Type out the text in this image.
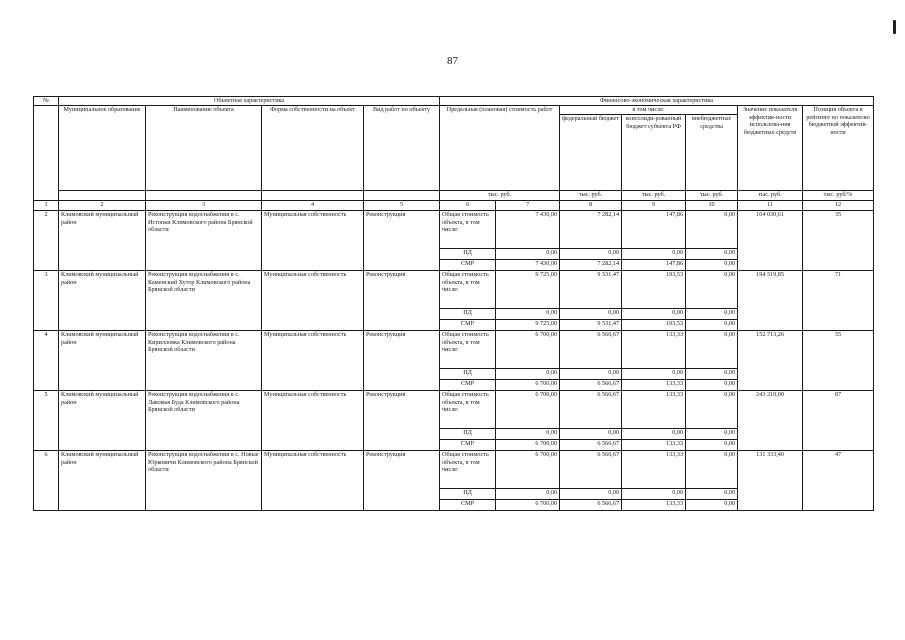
87
№	Объектная характеристика				Финансово-экономическая характеристика						
	Муниципальное образование	Наименование объекта	Форма собственности на объект	Вид работ по объекту	Предельная (плановая) стоимость работ		в том числе:			Значение показателя эффектив-ности использова-ния бюджетных средств	Позиция объекта в рейтинге по показателю бюджетной эффектив-ности
							федеральный бюджет	консолиди-рованный бюджет субъекта РФ	внебюджетные средства		
					тыс. руб.		тыс. руб.	тыс. руб.	тыс. руб.	тыс. руб.	тыс. руб/%
1	2	3	4	5	6	7	8	9	10	11	12
2	Климовский муниципальный район	Реконструкция водоснабжения в с. Истопки Климовского района Брянской области	Муниципальная собственность	Реконструкция	Общая стоимость объекта, в том числе:	7 430,00	7 282,14	147,86	0,00	104 030,61	35
					ПД	0,00	0,00	0,00	0,00		
					СМР	7 430,00	7 282,14	147,86	0,00		
3	Климовский муниципальный район	Реконструкция водоснабжения в с. Каменский Хутор Климовского района Брянской области	Муниципальная собственность	Реконструкция	Общая стоимость объекта, в том числе:	9 725,00	9 531,47	193,53	0,00	194 519,85	71
					ПД	0,00	0,00	0,00	0,00		
					СМР	9 725,00	9 531,47	193,53	0,00		
4	Климовский муниципальный район	Реконструкция водоснабжения в с. Кирилловка Климовского района Брянской области	Муниципальная собственность	Реконструкция	Общая стоимость объекта, в том числе:	6 700,00	6 566,67	133,33	0,00	152 713,26	55
					ПД	0,00	0,00	0,00	0,00		
					СМР	6 700,00	6 566,67	133,33	0,00		
5	Климовский муниципальный район	Реконструкция водоснабжения в с. Лакомая Буда Климовского района Брянской области	Муниципальная собственность	Реконструкция	Общая стоимость объекта, в том числе:	6 700,00	6 566,67	133,33	0,00	243 210,00	87
					ПД	0,00	0,00	0,00	0,00		
					СМР	6 700,00	6 566,67	133,33	0,00		
6	Климовский муниципальный район	Реконструкция водоснабжения в с. Новые Юрковичи Климовского района Брянской области	Муниципальная собственность	Реконструкция	Общая стоимость объекта, в том числе:	6 700,00	6 566,67	133,33	0,00	131 333,40	47
					ПД	0,00	0,00	0,00	0,00		
					СМР	6 700,00	6 566,67	133,33	0,00		
